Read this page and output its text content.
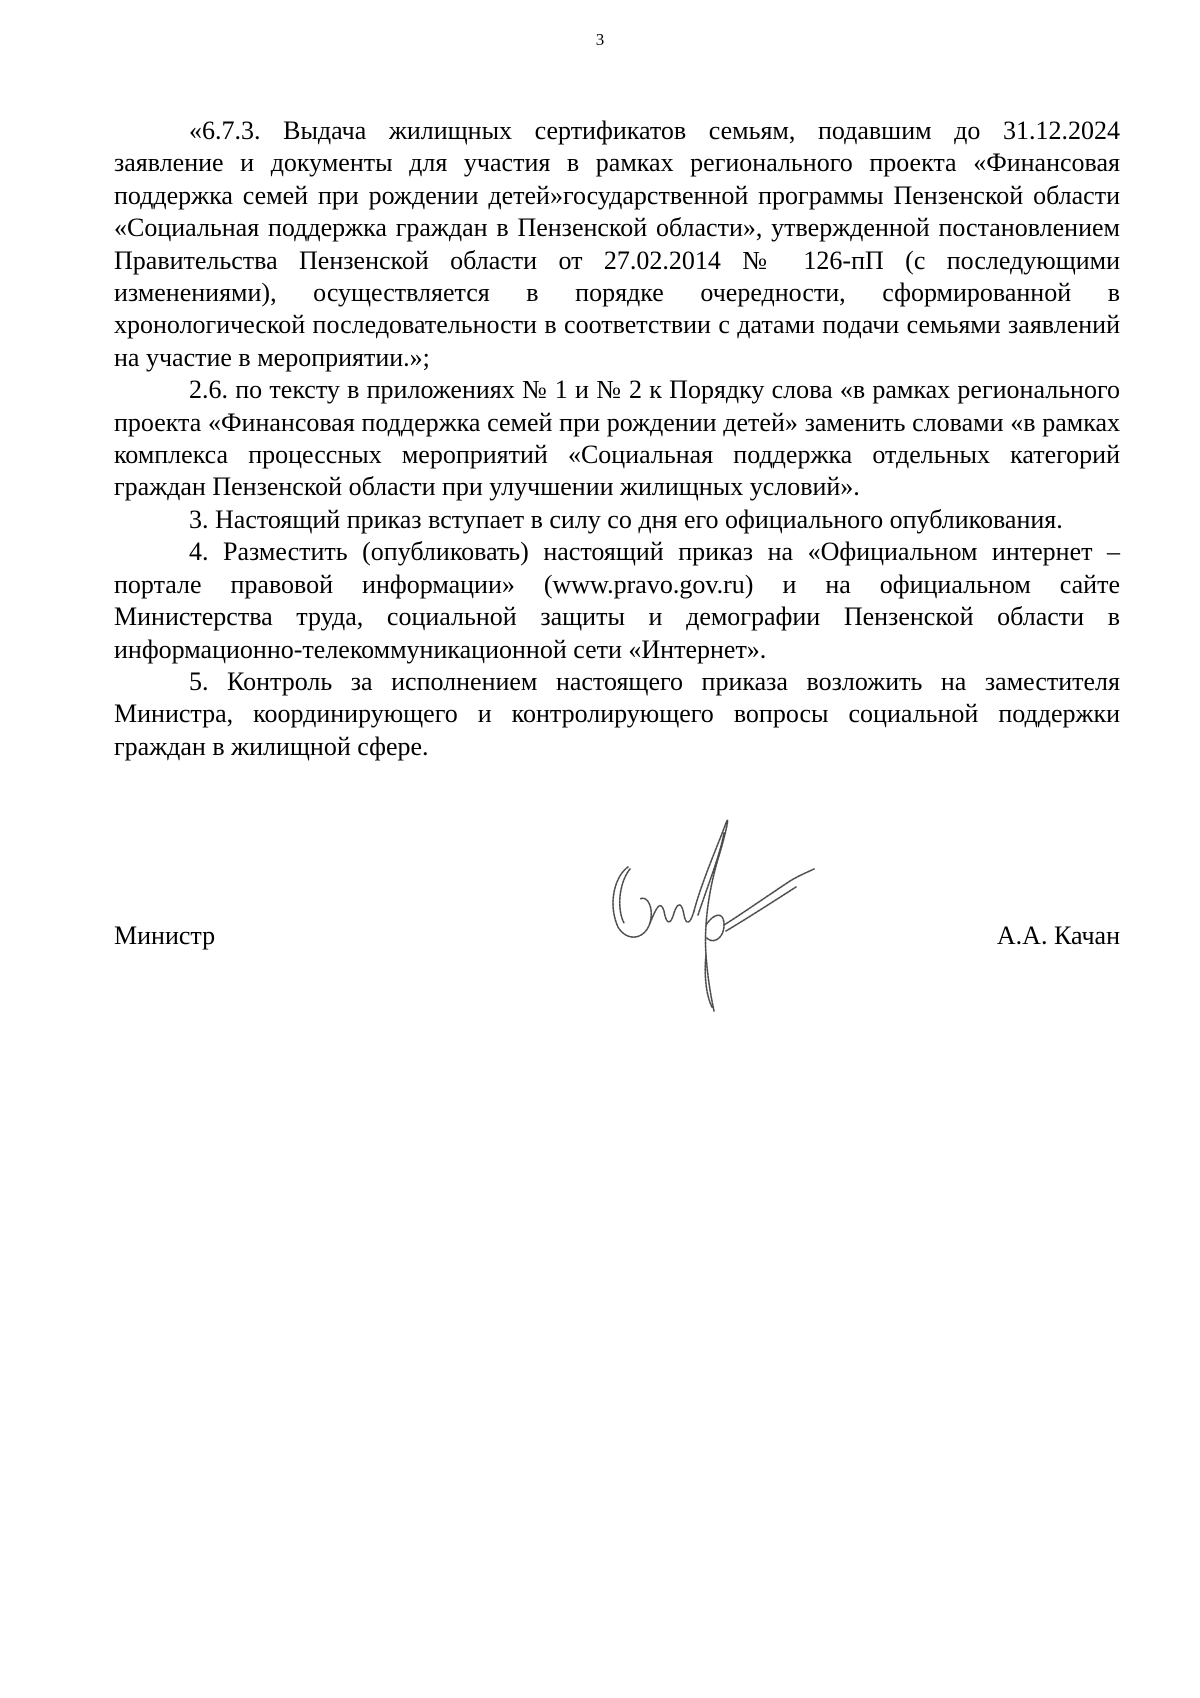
3

«6.7.3. Выдача жилищных сертификатов семьям, подавшим до 31.12.2024 заявление и документы для участия в рамках регионального проекта «Финансовая поддержка семей при рождении детей»государственной программы Пензенской области «Социальная поддержка граждан в Пензенской области», утвержденной постановлением Правительства Пензенской области от 27.02.2014 № 126-пП (с последующими изменениями), осуществляется в порядке очередности, сформированной в хронологической последовательности в соответствии с датами подачи семьями заявлений на участие в мероприятии.»;

2.6. по тексту в приложениях № 1 и № 2 к Порядку слова «в рамках регионального проекта «Финансовая поддержка семей при рождении детей» заменить словами «в рамках комплекса процессных мероприятий «Социальная поддержка отдельных категорий граждан Пензенской области при улучшении жилищных условий».

3. Настоящий приказ вступает в силу со дня его официального опубликования.

4. Разместить (опубликовать) настоящий приказ на «Официальном интернет – портале правовой информации» (www.pravo.gov.ru) и на официальном сайте Министерства труда, социальной защиты и демографии Пензенской области в информационно-телекоммуникационной сети «Интернет».

5. Контроль за исполнением настоящего приказа возложить на заместителя Министра, координирующего и контролирующего вопросы социальной поддержки граждан в жилищной сфере.

Министр	А.А. Качан
